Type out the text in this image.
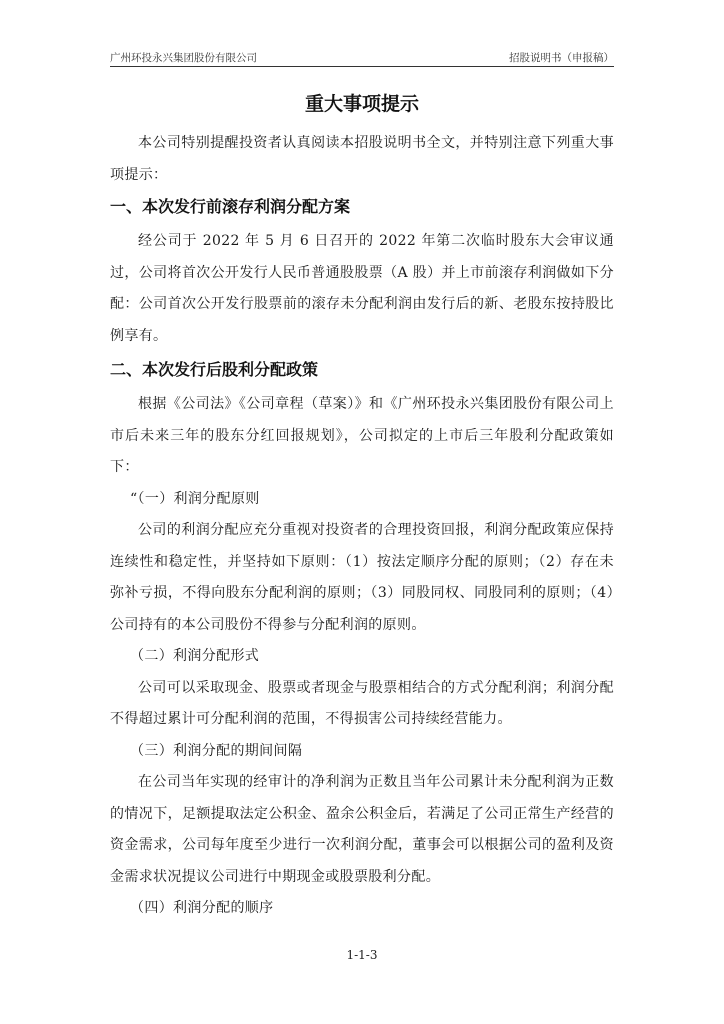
广州环投永兴集团股份有限公司	招股说明书（申报稿）
重大事项提示

本公司特别提醒投资者认真阅读本招股说明书全文，并特别注意下列重大事项提示：

一、本次发行前滚存利润分配方案

经公司于 2022 年 5 月 6 日召开的 2022 年第二次临时股东大会审议通过，公司将首次公开发行人民币普通股股票（A 股）并上市前滚存利润做如下分配：公司首次公开发行股票前的滚存未分配利润由发行后的新、老股东按持股比例享有。

二、本次发行后股利分配政策

根据《公司法》《公司章程（草案）》和《广州环投永兴集团股份有限公司上市后未来三年的股东分红回报规划》，公司拟定的上市后三年股利分配政策如下：

“（一）利润分配原则

公司的利润分配应充分重视对投资者的合理投资回报，利润分配政策应保持连续性和稳定性，并坚持如下原则：（1）按法定顺序分配的原则；（2）存在未弥补亏损，不得向股东分配利润的原则；（3）同股同权、同股同利的原则；（4）公司持有的本公司股份不得参与分配利润的原则。

（二）利润分配形式

公司可以采取现金、股票或者现金与股票相结合的方式分配利润；利润分配不得超过累计可分配利润的范围，不得损害公司持续经营能力。

（三）利润分配的期间间隔

在公司当年实现的经审计的净利润为正数且当年公司累计未分配利润为正数的情况下，足额提取法定公积金、盈余公积金后，若满足了公司正常生产经营的资金需求，公司每年度至少进行一次利润分配，董事会可以根据公司的盈利及资金需求状况提议公司进行中期现金或股票股利分配。

（四）利润分配的顺序

1-1-3
